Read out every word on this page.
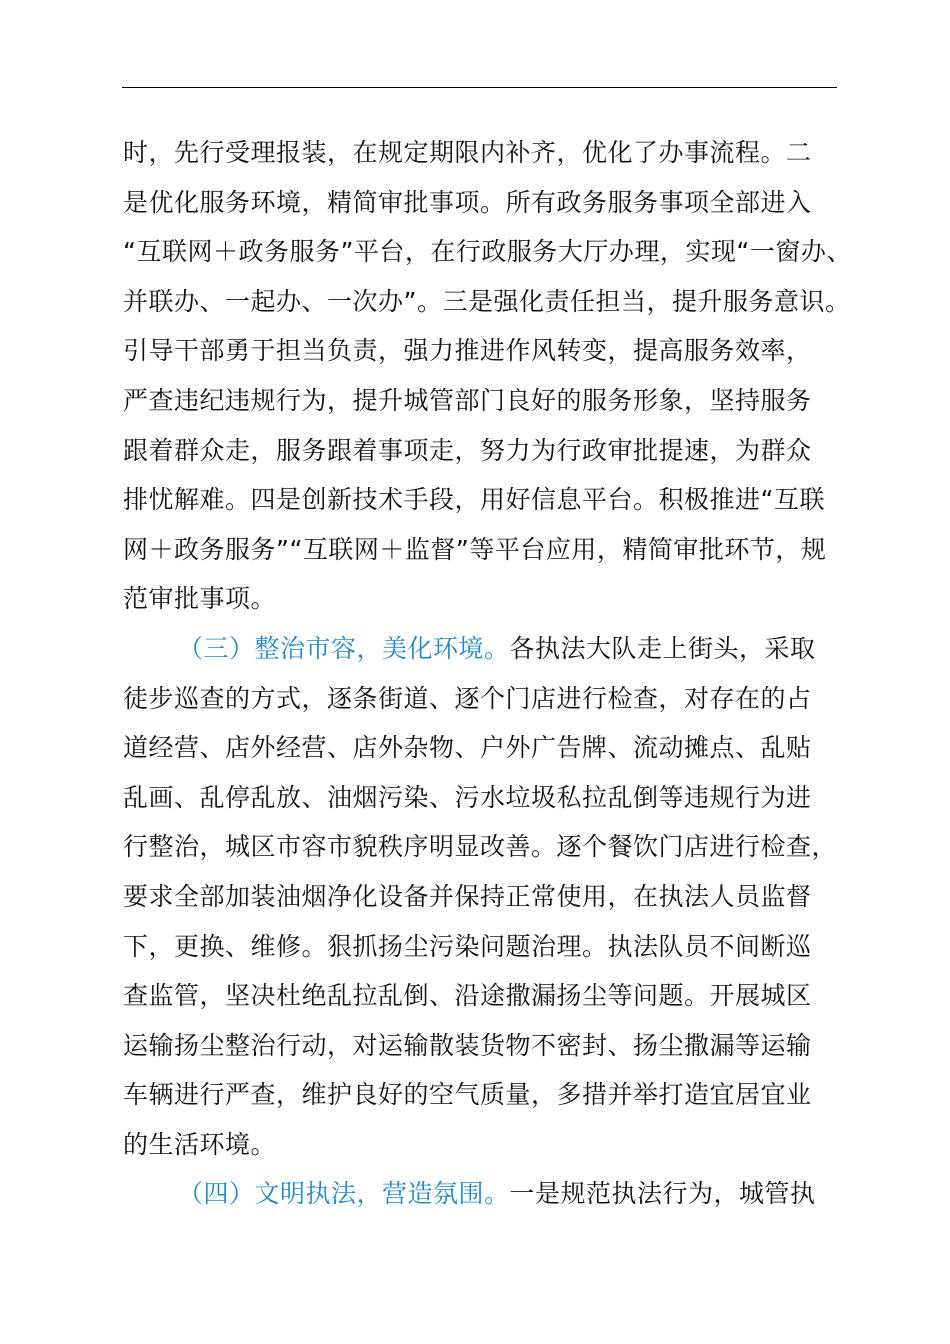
时，先行受理报装，在规定期限内补齐，优化了办事流程。二
是优化服务环境，精简审批事项。所有政务服务事项全部进入
“互联网＋政务服务”平台，在行政服务大厅办理，实现“一窗办、
并联办、一起办、一次办”。三是强化责任担当，提升服务意识。
引导干部勇于担当负责，强力推进作风转变，提高服务效率，
严查违纪违规行为，提升城管部门良好的服务形象，坚持服务
跟着群众走，服务跟着事项走，努力为行政审批提速，为群众
排忧解难。四是创新技术手段，用好信息平台。积极推进“互联
网＋政务服务”“互联网＋监督”等平台应用，精简审批环节，规
范审批事项。
（三）整治市容，美化环境。各执法大队走上街头，采取
徒步巡查的方式，逐条街道、逐个门店进行检查，对存在的占
道经营、店外经营、店外杂物、户外广告牌、流动摊点、乱贴
乱画、乱停乱放、油烟污染、污水垃圾私拉乱倒等违规行为进
行整治，城区市容市貌秩序明显改善。逐个餐饮门店进行检查，
要求全部加装油烟净化设备并保持正常使用，在执法人员监督
下，更换、维修。狠抓扬尘污染问题治理。执法队员不间断巡
查监管，坚决杜绝乱拉乱倒、沿途撒漏扬尘等问题。开展城区
运输扬尘整治行动，对运输散装货物不密封、扬尘撒漏等运输
车辆进行严查，维护良好的空气质量，多措并举打造宜居宜业
的生活环境。
（四）文明执法，营造氛围。一是规范执法行为，城管执
